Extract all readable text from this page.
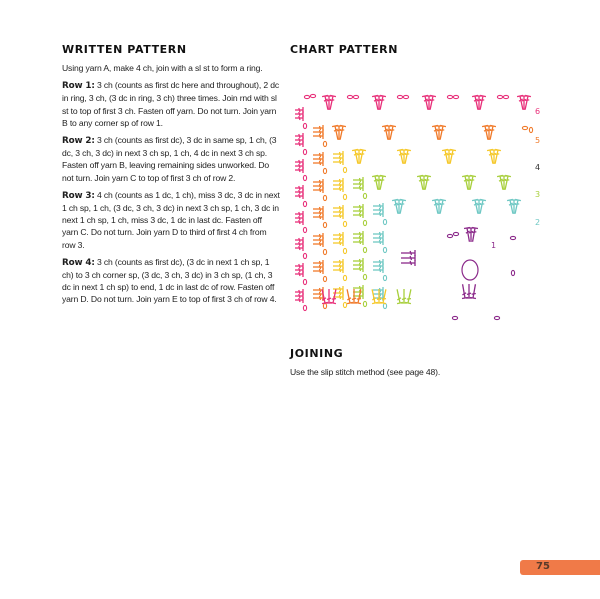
WRITTEN PATTERN

Using yarn A, make 4 ch, join with a sl st to form a ring.

Row 1: 3 ch (counts as first dc here and throughout), 2 dc in ring, 3 ch, (3 dc in ring, 3 ch) three times. Join rnd with sl st to top of first 3 ch. Fasten off yarn. Do not turn. Join yarn B to any corner sp of row 1.

Row 2: 3 ch (counts as first dc), 3 dc in same sp, 1 ch, (3 dc, 3 ch, 3 dc) in next 3 ch sp, 1 ch, 4 dc in next 3 ch sp. Fasten off yarn B, leaving remaining sides unworked. Do not turn. Join yarn C to top of first 3 ch of row 2.

Row 3: 4 ch (counts as 1 dc, 1 ch), miss 3 dc, 3 dc in next 1 ch sp, 1 ch, (3 dc, 3 ch, 3 dc) in next 3 ch sp, 1 ch, 3 dc in next 1 ch sp, 1 ch, miss 3 dc, 1 dc in last dc. Fasten off yarn C. Do not turn. Join yarn D to third of first 4 ch from row 3.

Row 4: 3 ch (counts as first dc), (3 dc in next 1 ch sp, 1 ch) to 3 ch corner sp, (3 dc, 3 ch, 3 dc) in 3 ch sp, (1 ch, 3 dc in next 1 ch sp) to end, 1 dc in last dc of row. Fasten off yarn D. Do not turn. Join yarn E to top of first 3 ch of row 4.

CHART PATTERN
6
5
4
3
2
1
JOINING

Use the slip stitch method (see page 48).

75
